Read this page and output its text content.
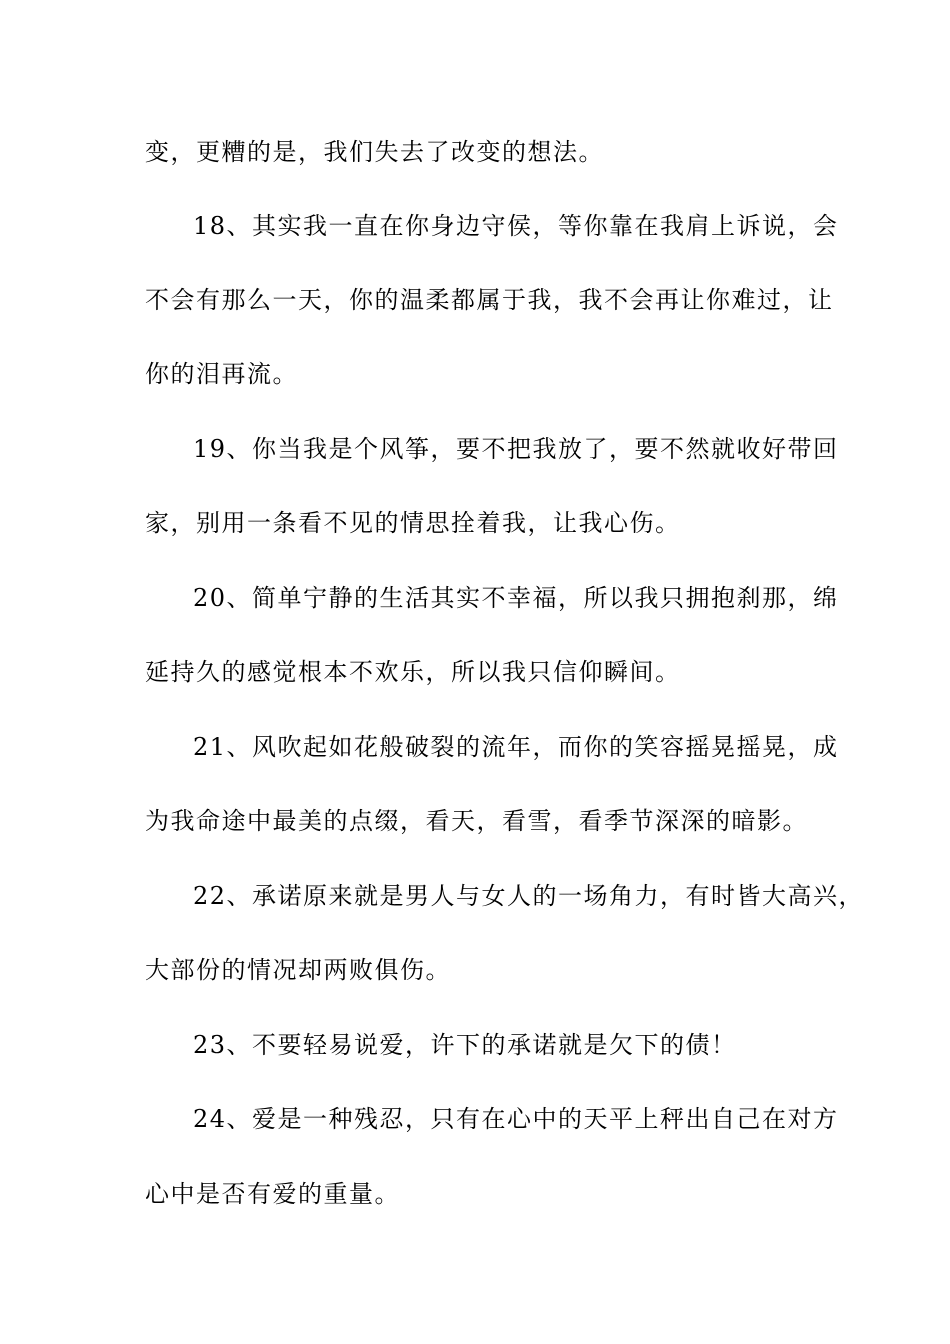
变，更糟的是，我们失去了改变的想法。
18、其实我一直在你身边守侯，等你靠在我肩上诉说，会
不会有那么一天，你的温柔都属于我，我不会再让你难过，让
你的泪再流。
19、你当我是个风筝，要不把我放了，要不然就收好带回
家，别用一条看不见的情思拴着我，让我心伤。
20、简单宁静的生活其实不幸福，所以我只拥抱刹那，绵
延持久的感觉根本不欢乐，所以我只信仰瞬间。
21、风吹起如花般破裂的流年，而你的笑容摇晃摇晃，成
为我命途中最美的点缀，看天，看雪，看季节深深的暗影。
22、承诺原来就是男人与女人的一场角力，有时皆大高兴，
大部份的情况却两败俱伤。
23、不要轻易说爱，许下的承诺就是欠下的债！
24、爱是一种残忍，只有在心中的天平上秤出自己在对方
心中是否有爱的重量。
